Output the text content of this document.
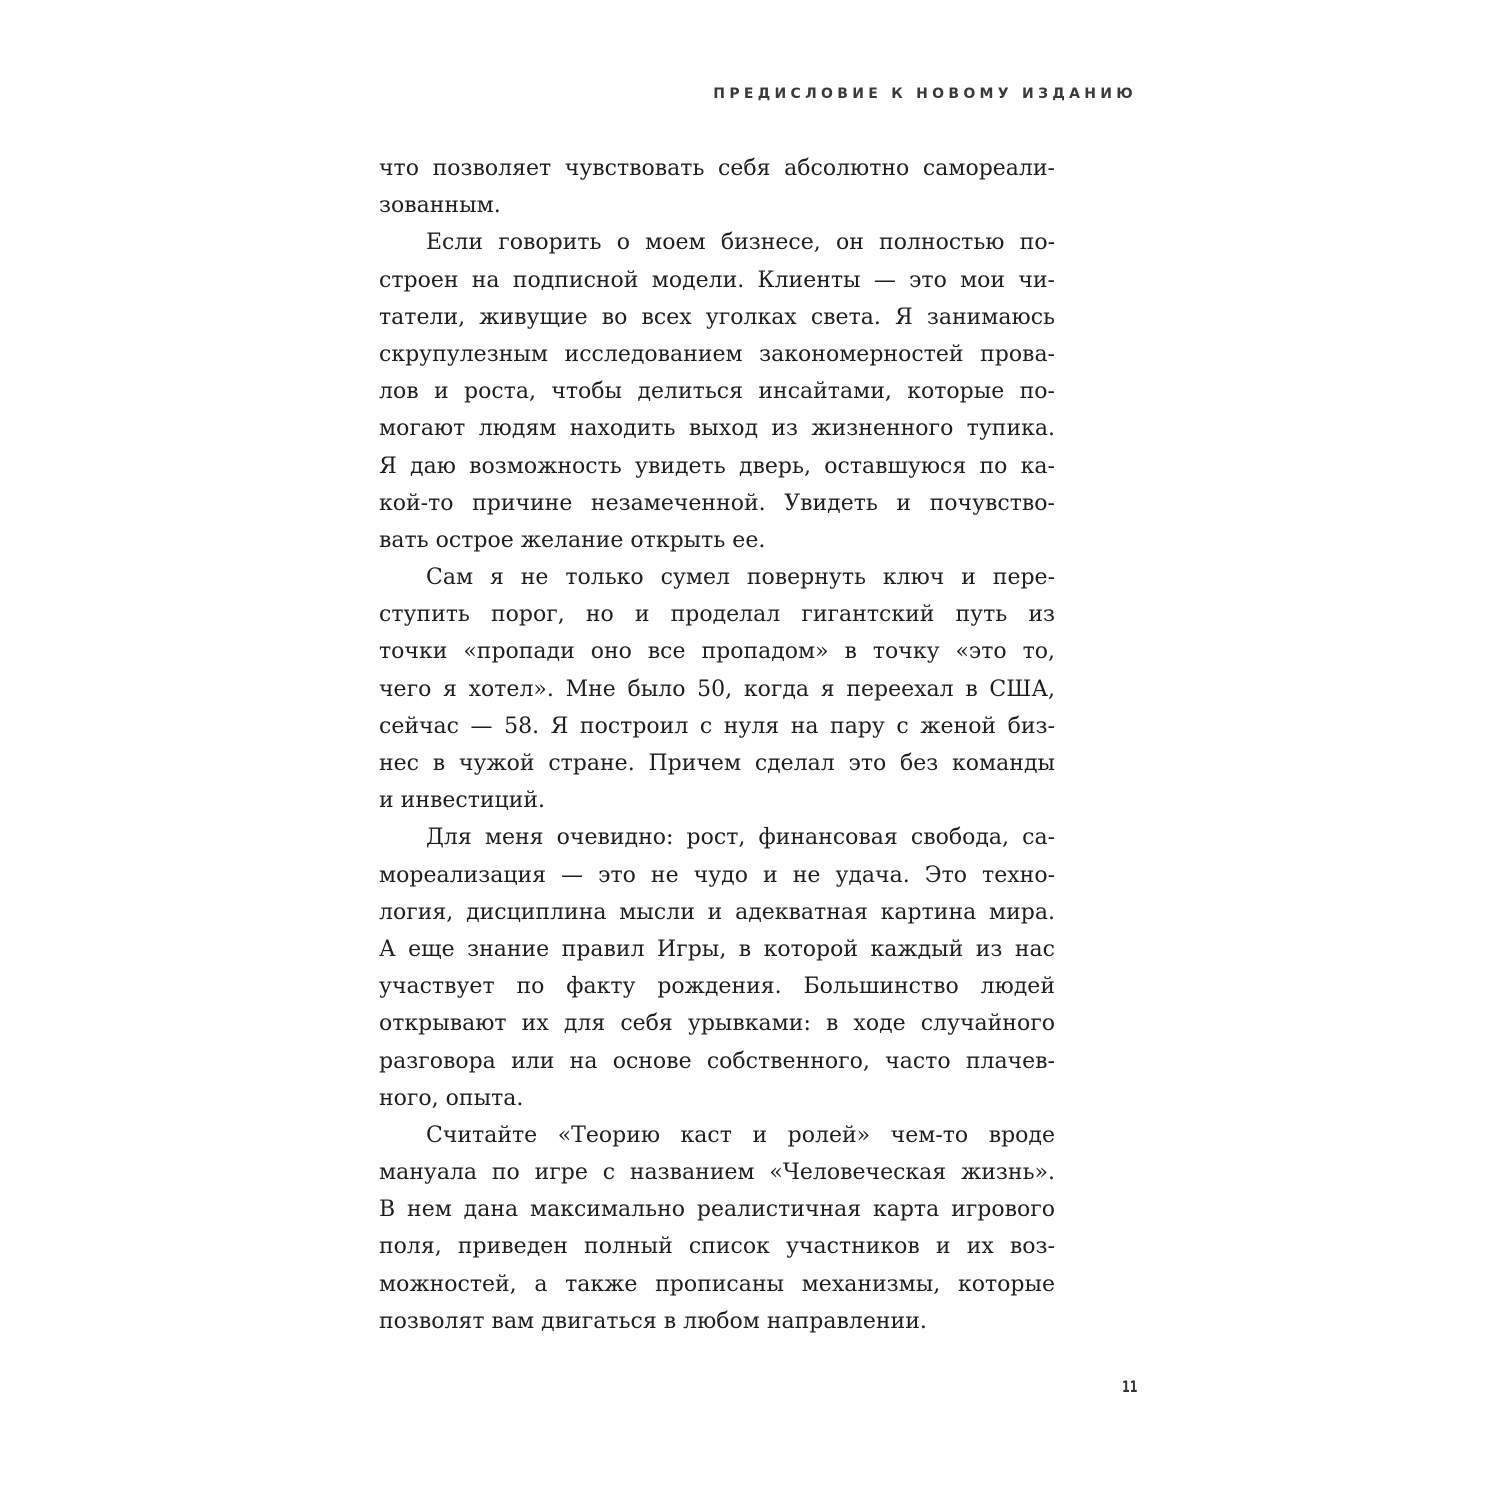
ПРЕДИСЛОВИЕ К НОВОМУ ИЗДАНИЮ
что позволяет чувствовать себя абсолютно самореали-
зованным.
Если говорить о моем бизнесе, он полностью по-
строен на подписной модели. Клиенты — это мои чи-
татели, живущие во всех уголках света. Я занимаюсь
скрупулезным исследованием закономерностей прова-
лов и роста, чтобы делиться инсайтами, которые по-
могают людям находить выход из жизненного тупика.
Я даю возможность увидеть дверь, оставшуюся по ка-
кой-то причине незамеченной. Увидеть и почувство-
вать острое желание открыть ее.
Сам я не только сумел повернуть ключ и пере-
ступить порог, но и проделал гигантский путь из
точки «пропади оно все пропадом» в точку «это то,
чего я хотел». Мне было 50, когда я переехал в США,
сейчас — 58. Я построил с нуля на пару с женой биз-
нес в чужой стране. Причем сделал это без команды
и инвестиций.
Для меня очевидно: рост, финансовая свобода, са-
мореализация — это не чудо и не удача. Это техно-
логия, дисциплина мысли и адекватная картина мира.
А еще знание правил Игры, в которой каждый из нас
участвует по факту рождения. Большинство людей
открывают их для себя урывками: в ходе случайного
разговора или на основе собственного, часто плачев-
ного, опыта.
Считайте «Теорию каст и ролей» чем-то вроде
мануала по игре с названием «Человеческая жизнь».
В нем дана максимально реалистичная карта игрового
поля, приведен полный список участников и их воз-
можностей, а также прописаны механизмы, которые
позволят вам двигаться в любом направлении.
11
